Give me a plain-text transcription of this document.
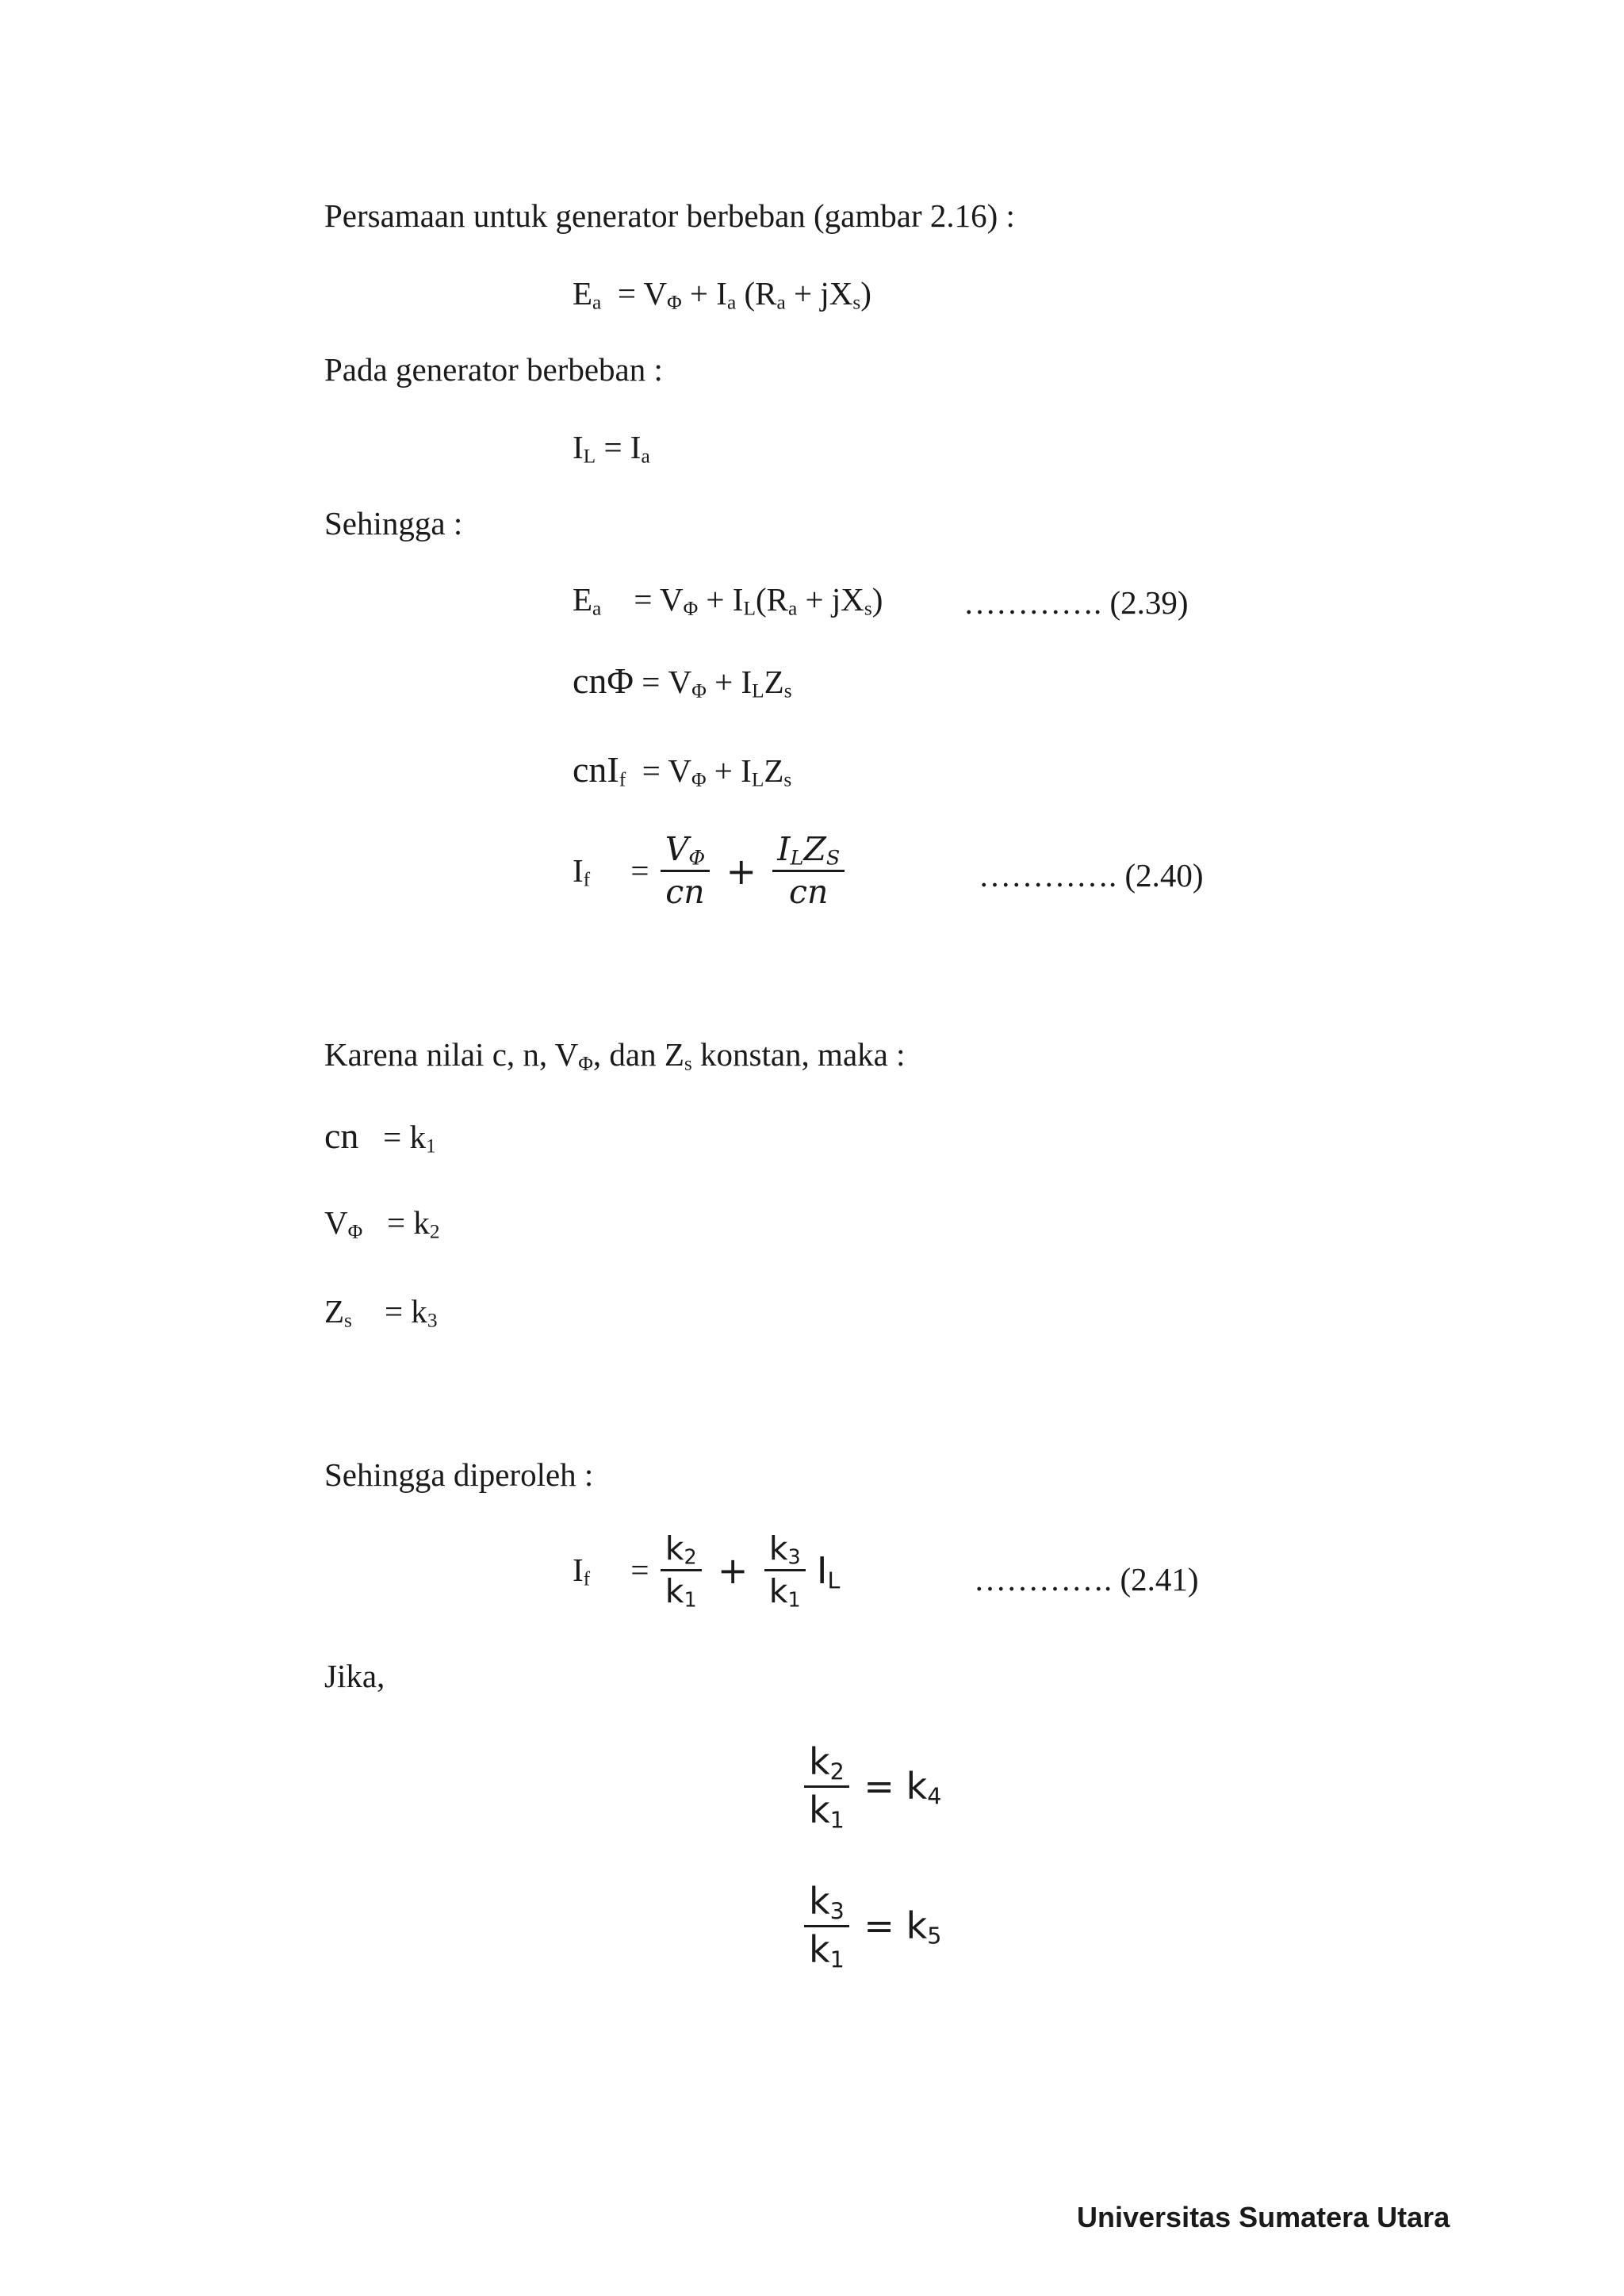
Persamaan untuk generator berbeban (gambar 2.16) :
$E_a = V_\Phi + I_a$ $(R_a + jX_s)$
Pada generator berbeban :
$I_L = I_a$
Sehingga :
$E_a$    = $V_\Phi + I_L(R_a + jX_s)$ …………. (2.39)
$cn\Phi = V_\Phi + I_LZ_s$
$cnI_f = V_\Phi + I_LZ_s$
$I_f$     = $\frac{V_\Phi}{cn} + \frac{I_LZ_S}{cn}$	…………. (2.40)
Karena nilai c, n, $V_\Phi$, dan $Z_s$ konstan, maka :
cn   = $k_1$
$V_\Phi = k_2$
$Z_s$    = $k_3$
Sehingga diperoleh :
$I_f$     = $\frac{k_2}{k_1} + \frac{k_3}{k_1} I_L$	…………. (2.41)
Jika,
$\frac{k_2}{k_1} = k_4$
$\frac{k_3}{k_1} = k_5$
Universitas Sumatera Utara
